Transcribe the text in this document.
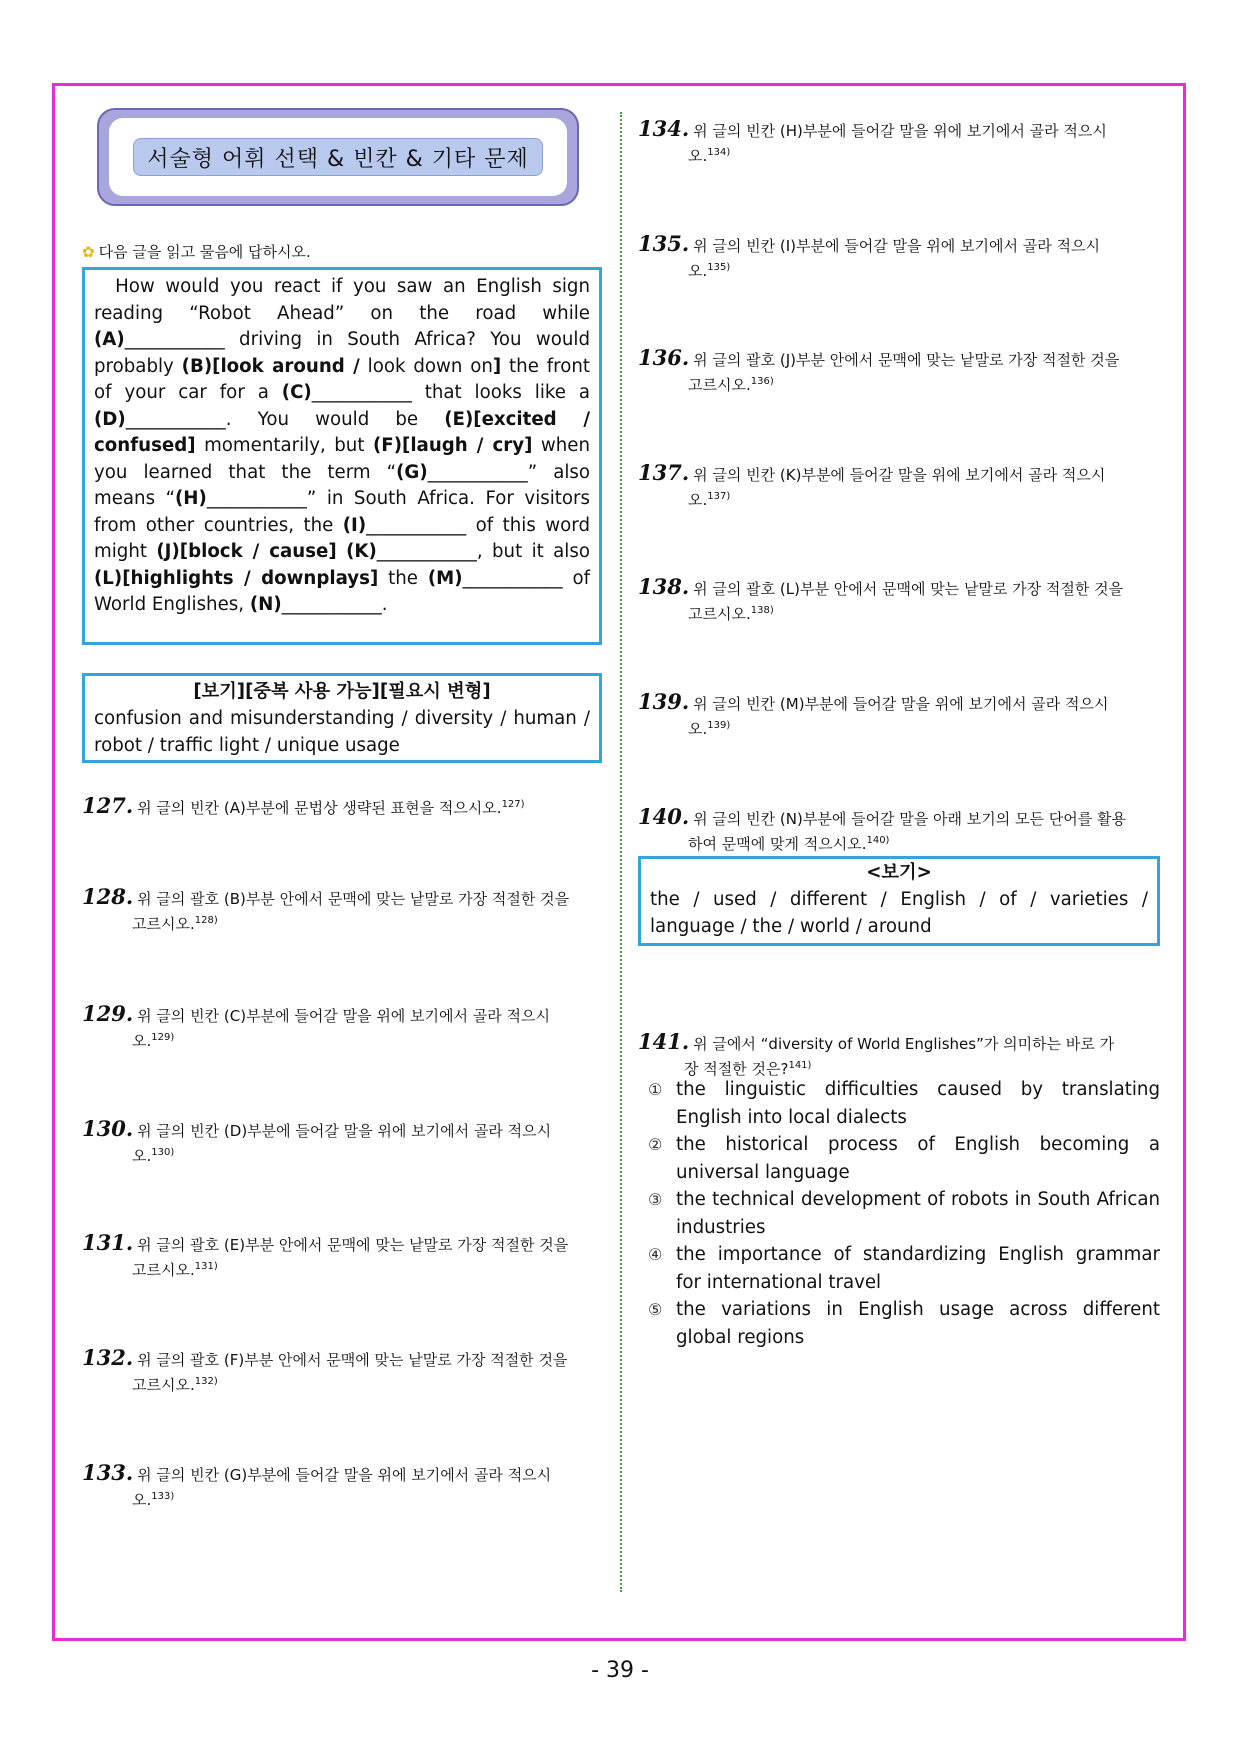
서술형 어휘 선택 & 빈칸 & 기타 문제
✿ 다음 글을 읽고 물음에 답하시오.
How would you react if you saw an English sign reading “Robot Ahead” on the road while (A)___________ driving in South Africa? You would probably (B)[look around / look down on] the front of your car for a (C)___________ that looks like a (D)___________. You would be (E)[excited / confused] momentarily, but (F)[laugh / cry] when you learned that the term “(G)___________” also means “(H)___________” in South Africa. For visitors from other countries, the (I)___________ of this word might (J)[block / cause] (K)___________, but it also (L)[highlights / downplays] the (M)___________ of World Englishes, (N)___________.
[보기][중복 사용 가능][필요시 변형]
confusion and misunderstanding / diversity / human / robot / traffic light / unique usage
127. 위 글의 빈칸 (A)부분에 문법상 생략된 표현을 적으시오.$^{127)}$
128. 위 글의 괄호 (B)부분 안에서 문맥에 맞는 낱말로 가장 적절한 것을
고르시오.$^{128)}$
129. 위 글의 빈칸 (C)부분에 들어갈 말을 위에 보기에서 골라 적으시
오.$^{129)}$
130. 위 글의 빈칸 (D)부분에 들어갈 말을 위에 보기에서 골라 적으시
오.$^{130)}$
131. 위 글의 괄호 (E)부분 안에서 문맥에 맞는 낱말로 가장 적절한 것을
고르시오.$^{131)}$
132. 위 글의 괄호 (F)부분 안에서 문맥에 맞는 낱말로 가장 적절한 것을
고르시오.$^{132)}$
133. 위 글의 빈칸 (G)부분에 들어갈 말을 위에 보기에서 골라 적으시
오.$^{133)}$
134. 위 글의 빈칸 (H)부분에 들어갈 말을 위에 보기에서 골라 적으시
오.$^{134)}$
135. 위 글의 빈칸 (I)부분에 들어갈 말을 위에 보기에서 골라 적으시
오.$^{135)}$
136. 위 글의 괄호 (J)부분 안에서 문맥에 맞는 낱말로 가장 적절한 것을
고르시오.$^{136)}$
137. 위 글의 빈칸 (K)부분에 들어갈 말을 위에 보기에서 골라 적으시
오.$^{137)}$
138. 위 글의 괄호 (L)부분 안에서 문맥에 맞는 낱말로 가장 적절한 것을
고르시오.$^{138)}$
139. 위 글의 빈칸 (M)부분에 들어갈 말을 위에 보기에서 골라 적으시
오.$^{139)}$
140. 위 글의 빈칸 (N)부분에 들어갈 말을 아래 보기의 모든 단어를 활용
하여 문맥에 맞게 적으시오.$^{140)}$
<보기>
the / used / different / English / of / varieties / language / the / world / around
141. 위 글에서 “diversity of World Englishes”가 의미하는 바로 가
장 적절한 것은?$^{141)}$
① the linguistic difficulties caused by translating English into local dialects
② the historical process of English becoming a universal language
③ the technical development of robots in South African industries
④ the importance of standardizing English grammar for international travel
⑤ the variations in English usage across different global regions
- 39 -
